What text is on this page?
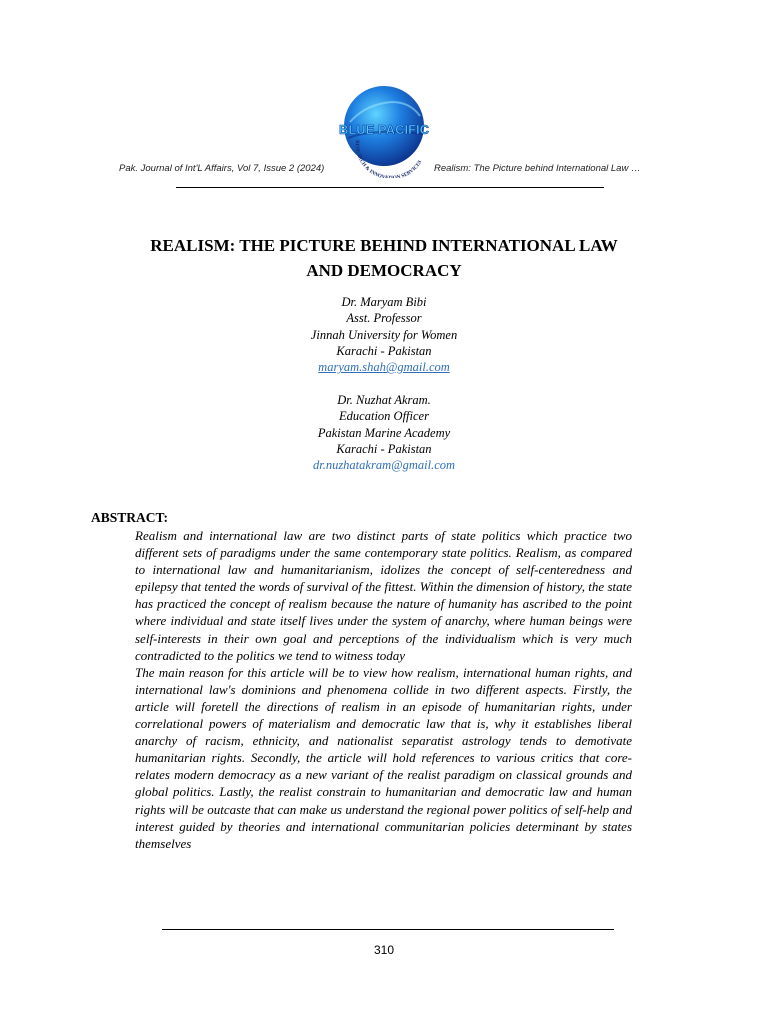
BLUE PACIFIC
RESEARCH & INNOVA ON SERVICES
Pak. Journal of Int'L Affairs, Vol 7, Issue 2 (2024)	Realism: The Picture behind International Law …
REALISM: THE PICTURE BEHIND INTERNATIONAL LAW
AND DEMOCRACY
Dr. Maryam Bibi
Asst. Professor
Jinnah University for Women
Karachi - Pakistan
maryam.shah@gmail.com
Dr. Nuzhat Akram.
Education Officer
Pakistan Marine Academy
Karachi - Pakistan
dr.nuzhatakram@gmail.com
ABSTRACT:

Realism and international law are two distinct parts of state politics which practice two different sets of paradigms under the same contemporary state politics. Realism, as compared to international law and humanitarianism, idolizes the concept of self-centeredness and epilepsy that tented the words of survival of the fittest. Within the dimension of history, the state has practiced the concept of realism because the nature of humanity has ascribed to the point where individual and state itself lives under the system of anarchy, where human beings were self-interests in their own goal and perceptions of the individualism which is very much contradicted to the politics we tend to witness today

The main reason for this article will be to view how realism, international human rights, and international law's dominions and phenomena collide in two different aspects. Firstly, the article will foretell the directions of realism in an episode of humanitarian rights, under correlational powers of materialism and democratic law that is, why it establishes liberal anarchy of racism, ethnicity, and nationalist separatist astrology tends to demotivate humanitarian rights. Secondly, the article will hold references to various critics that core-relates modern democracy as a new variant of the realist paradigm on classical grounds and global politics. Lastly, the realist constrain to humanitarian and democratic law and human rights will be outcaste that can make us understand the regional power politics of self-help and interest guided by theories and international communitarian policies determinant by states themselves

310
